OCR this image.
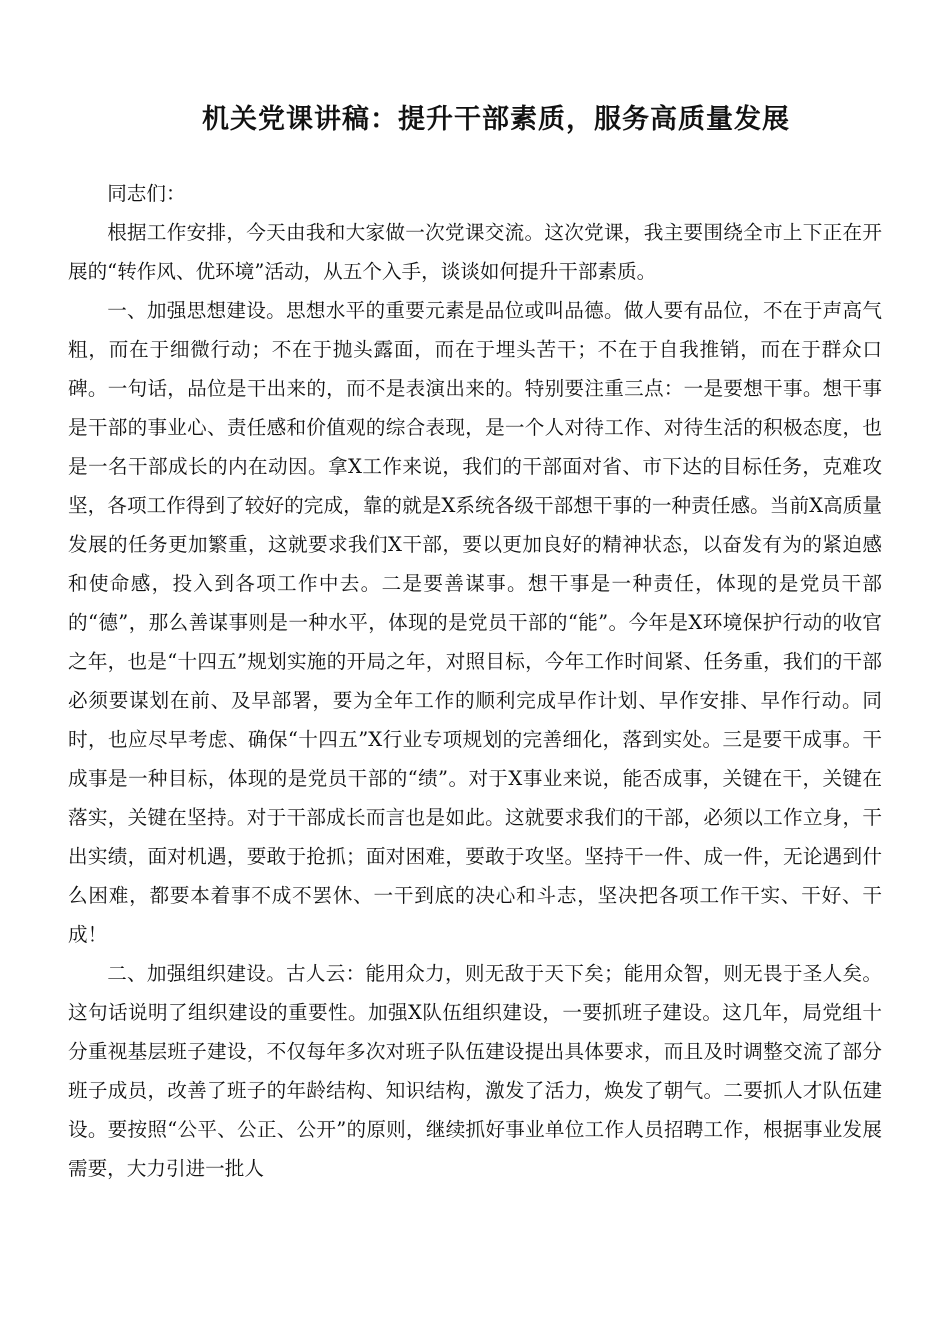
机关党课讲稿：提升干部素质，服务高质量发展

同志们：

根据工作安排，今天由我和大家做一次党课交流。这次党课，我主要围绕全市上下正在开展的“转作风、优环境”活动，从五个入手，谈谈如何提升干部素质。

一、加强思想建设。思想水平的重要元素是品位或叫品德。做人要有品位，不在于声高气粗，而在于细微行动；不在于抛头露面，而在于埋头苦干；不在于自我推销，而在于群众口碑。一句话，品位是干出来的，而不是表演出来的。特别要注重三点：一是要想干事。想干事是干部的事业心、责任感和价值观的综合表现，是一个人对待工作、对待生活的积极态度，也是一名干部成长的内在动因。拿X工作来说，我们的干部面对省、市下达的目标任务，克难攻坚，各项工作得到了较好的完成，靠的就是X系统各级干部想干事的一种责任感。当前X高质量发展的任务更加繁重，这就要求我们X干部，要以更加良好的精神状态，以奋发有为的紧迫感和使命感，投入到各项工作中去。二是要善谋事。想干事是一种责任，体现的是党员干部的“德”，那么善谋事则是一种水平，体现的是党员干部的“能”。今年是X环境保护行动的收官之年，也是“十四五”规划实施的开局之年，对照目标，今年工作时间紧、任务重，我们的干部必须要谋划在前、及早部署，要为全年工作的顺利完成早作计划、早作安排、早作行动。同时，也应尽早考虑、确保“十四五”X行业专项规划的完善细化，落到实处。三是要干成事。干成事是一种目标，体现的是党员干部的“绩”。对于X事业来说，能否成事，关键在干，关键在落实，关键在坚持。对于干部成长而言也是如此。这就要求我们的干部，必须以工作立身，干出实绩，面对机遇，要敢于抢抓；面对困难，要敢于攻坚。坚持干一件、成一件，无论遇到什么困难，都要本着事不成不罢休、一干到底的决心和斗志，坚决把各项工作干实、干好、干成！

二、加强组织建设。古人云：能用众力，则无敌于天下矣；能用众智，则无畏于圣人矣。这句话说明了组织建设的重要性。加强X队伍组织建设，一要抓班子建设。这几年，局党组十分重视基层班子建设，不仅每年多次对班子队伍建设提出具体要求，而且及时调整交流了部分班子成员，改善了班子的年龄结构、知识结构，激发了活力，焕发了朝气。二要抓人才队伍建设。要按照“公平、公正、公开”的原则，继续抓好事业单位工作人员招聘工作，根据事业发展需要，大力引进一批人
